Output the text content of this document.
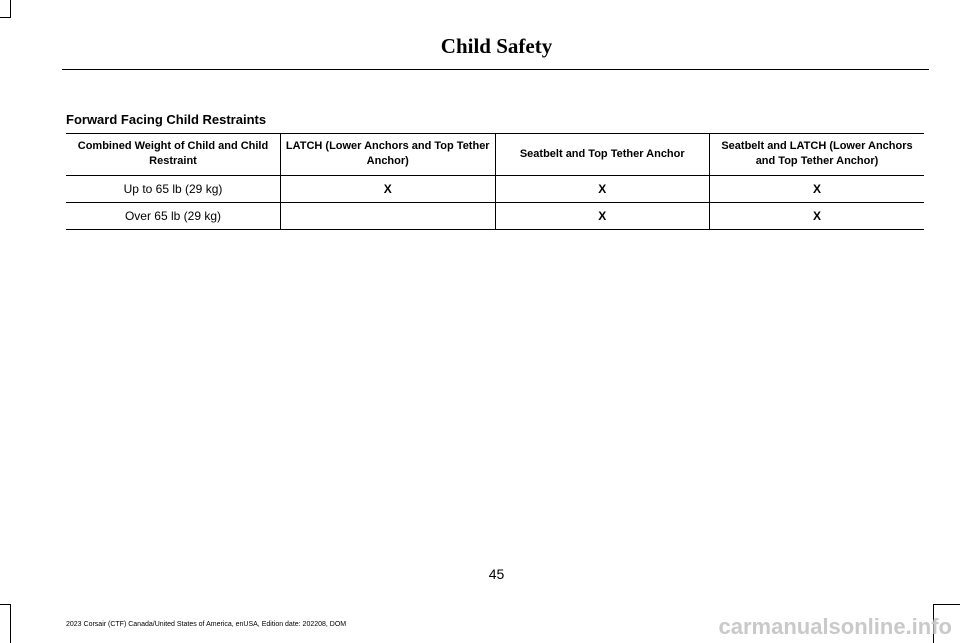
Child Safety
Forward Facing Child Restraints
Combined Weight of Child and Child Restraint	LATCH (Lower Anchors and Top Tether Anchor)	Seatbelt and Top Tether Anchor	Seatbelt and LATCH (Lower Anchors and Top Tether Anchor)
Up to 65 lb (29 kg)	X	X	X
Over 65 lb (29 kg)		X	X
45
2023 Corsair (CTF) Canada/United States of America, enUSA, Edition date: 202208, DOM	carmanualsonline.info
